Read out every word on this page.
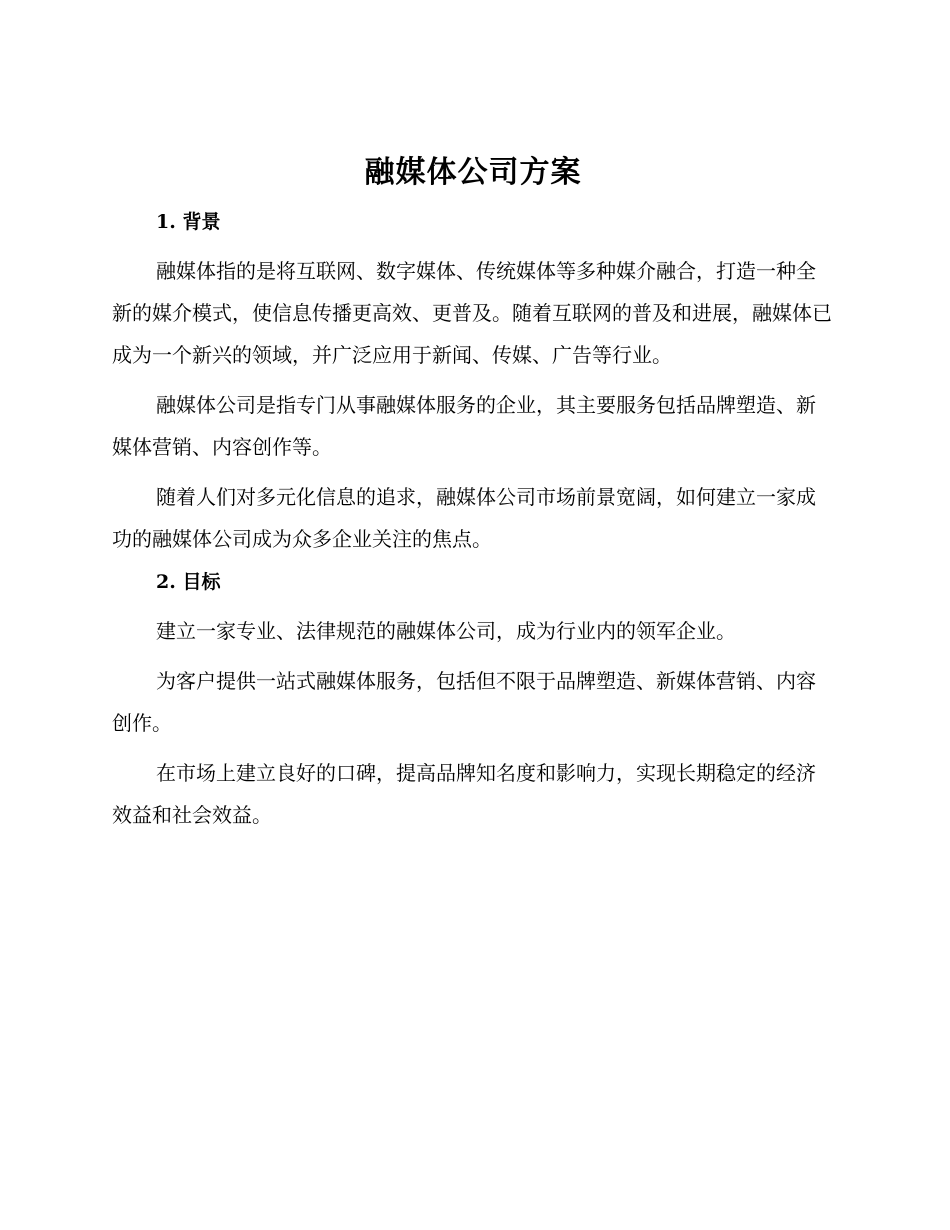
融媒体公司方案
1. 背景

融媒体指的是将互联网、数字媒体、传统媒体等多种媒介融合，打造一种全新的媒介模式，使信息传播更高效、更普及。随着互联网的普及和进展，融媒体已成为一个新兴的领域，并广泛应用于新闻、传媒、广告等行业。

融媒体公司是指专门从事融媒体服务的企业，其主要服务包括品牌塑造、新媒体营销、内容创作等。

随着人们对多元化信息的追求，融媒体公司市场前景宽阔，如何建立一家成功的融媒体公司成为众多企业关注的焦点。

2. 目标

建立一家专业、法律规范的融媒体公司，成为行业内的领军企业。

为客户提供一站式融媒体服务，包括但不限于品牌塑造、新媒体营销、内容创作。

在市场上建立良好的口碑，提高品牌知名度和影响力，实现长期稳定的经济效益和社会效益。
